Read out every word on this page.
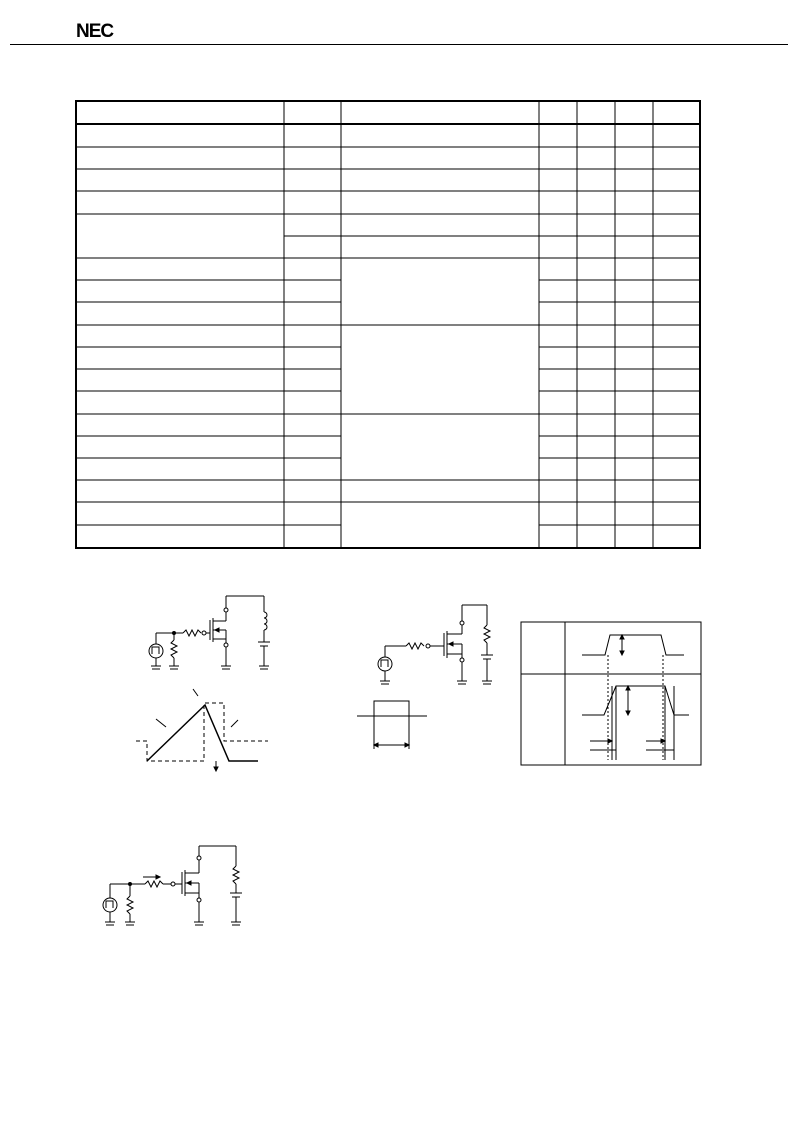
NEC
